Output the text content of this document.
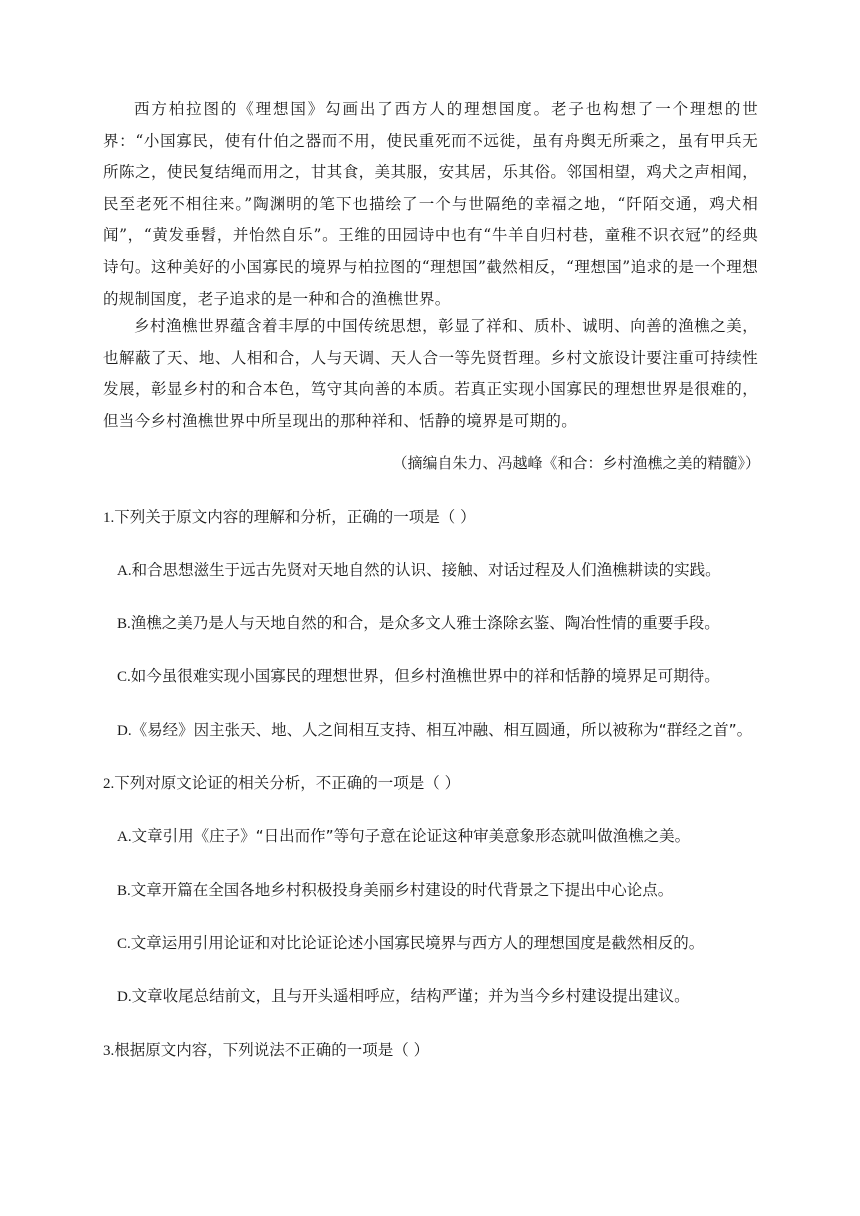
西方柏拉图的《理想国》勾画出了西方人的理想国度。老子也构想了一个理想的世界：“小国寡民，使有什伯之器而不用，使民重死而不远徙，虽有舟舆无所乘之，虽有甲兵无所陈之，使民复结绳而用之，甘其食，美其服，安其居，乐其俗。邻国相望，鸡犬之声相闻，民至老死不相往来。”陶渊明的笔下也描绘了一个与世隔绝的幸福之地，“阡陌交通，鸡犬相闻”，“黄发垂髫，并怡然自乐”。王维的田园诗中也有“牛羊自归村巷，童稚不识衣冠”的经典诗句。这种美好的小国寡民的境界与柏拉图的“理想国”截然相反，“理想国”追求的是一个理想的规制国度，老子追求的是一种和合的渔樵世界。

乡村渔樵世界蕴含着丰厚的中国传统思想，彰显了祥和、质朴、诚明、向善的渔樵之美，也解蔽了天、地、人相和合，人与天调、天人合一等先贤哲理。乡村文旅设计要注重可持续性发展，彰显乡村的和合本色，笃守其向善的本质。若真正实现小国寡民的理想世界是很难的，但当今乡村渔樵世界中所呈现出的那种祥和、恬静的境界是可期的。

（摘编自朱力、冯越峰《和合：乡村渔樵之美的精髓》）
1.下列关于原文内容的理解和分析，正确的一项是（ ）
A.和合思想滋生于远古先贤对天地自然的认识、接触、对话过程及人们渔樵耕读的实践。
B.渔樵之美乃是人与天地自然的和合，是众多文人雅士涤除玄鉴、陶冶性情的重要手段。
C.如今虽很难实现小国寡民的理想世界，但乡村渔樵世界中的祥和恬静的境界足可期待。
D.《易经》因主张天、地、人之间相互支持、相互冲融、相互圆通，所以被称为“群经之首”。
2.下列对原文论证的相关分析，不正确的一项是（ ）
A.文章引用《庄子》“日出而作”等句子意在论证这种审美意象形态就叫做渔樵之美。
B.文章开篇在全国各地乡村积极投身美丽乡村建设的时代背景之下提出中心论点。
C.文章运用引用论证和对比论证论述小国寡民境界与西方人的理想国度是截然相反的。
D.文章收尾总结前文，且与开头遥相呼应，结构严谨；并为当今乡村建设提出建议。
3.根据原文内容，下列说法不正确的一项是（ ）
